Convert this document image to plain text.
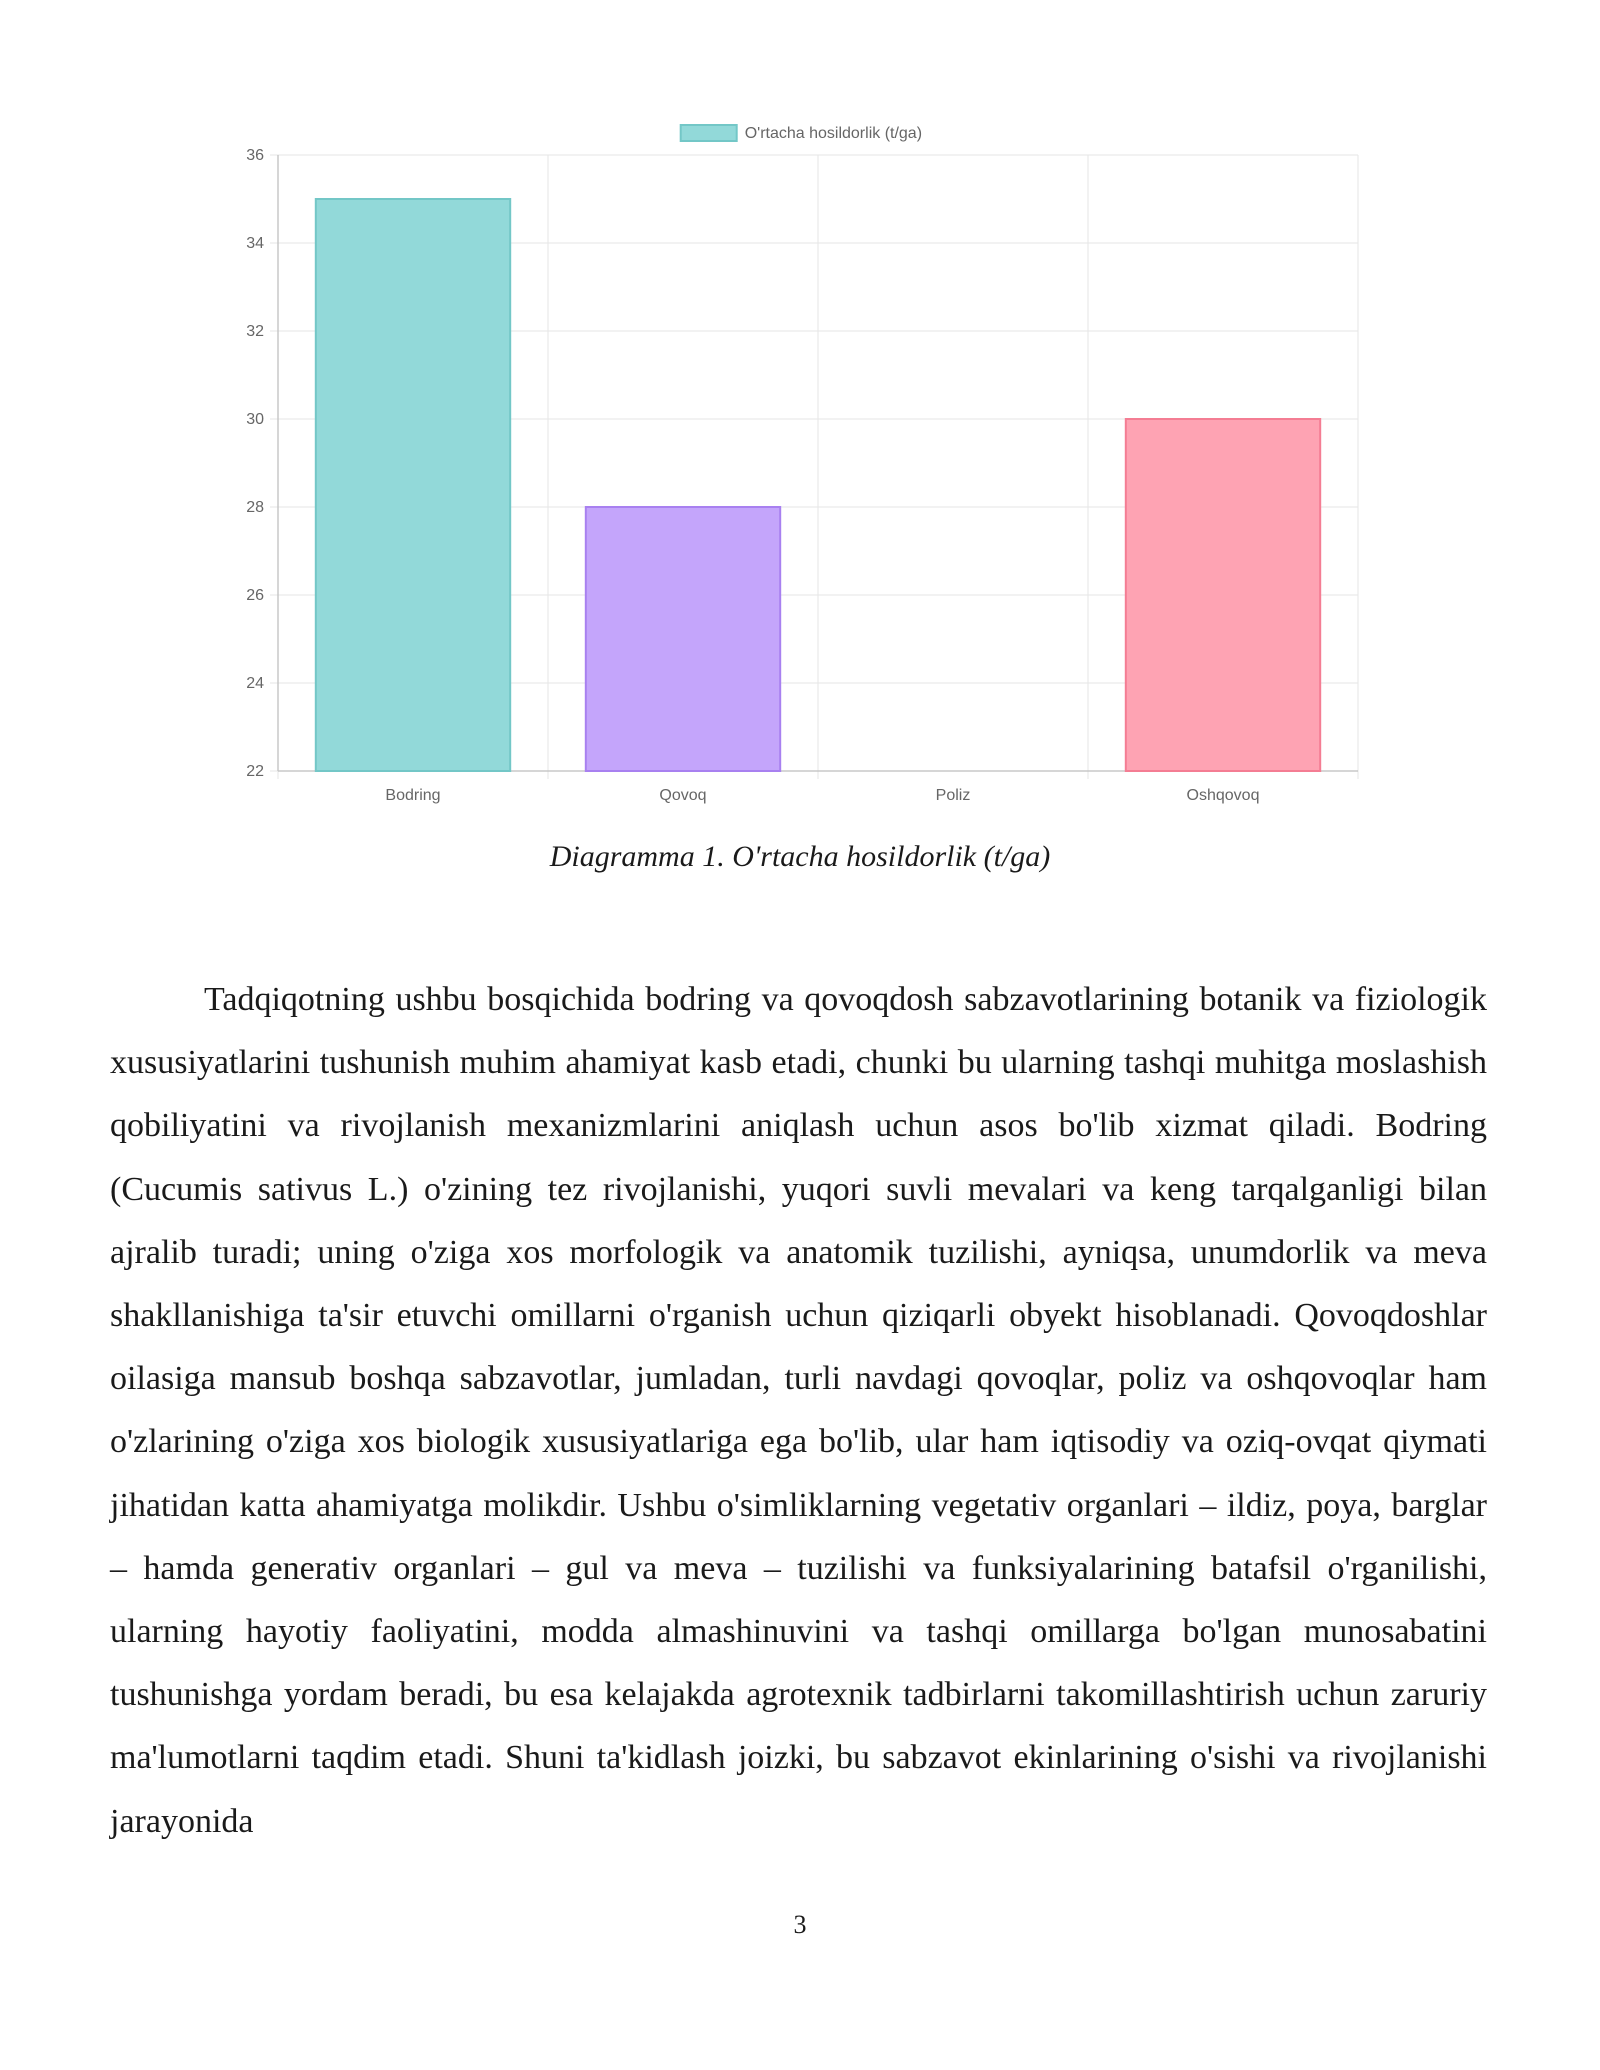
22
24
26
28
30
32
34
36
Bodring	Qovoq	Poliz	Oshqovoq
O'rtacha hosildorlik (t/ga)
Diagramma 1. O'rtacha hosildorlik (t/ga)

Tadqiqotning ushbu bosqichida bodring va qovoqdosh sabzavotlarining botanik va fiziologik xususiyatlarini tushunish muhim ahamiyat kasb etadi, chunki bu ularning tashqi muhitga moslashish qobiliyatini va rivojlanish mexanizmlarini aniqlash uchun asos bo'lib xizmat qiladi. Bodring (Cucumis sativus L.) o'zining tez rivojlanishi, yuqori suvli mevalari va keng tarqalganligi bilan ajralib turadi; uning o'ziga xos morfologik va anatomik tuzilishi, ayniqsa, unumdorlik va meva shakllanishiga ta'sir etuvchi omillarni o'rganish uchun qiziqarli obyekt hisoblanadi. Qovoqdoshlar oilasiga mansub boshqa sabzavotlar, jumladan, turli navdagi qovoqlar, poliz va oshqovoqlar ham o'zlarining o'ziga xos biologik xususiyatlariga ega bo'lib, ular ham iqtisodiy va oziq-ovqat qiymati jihatidan katta ahamiyatga molikdir. Ushbu o'simliklarning vegetativ organlari – ildiz, poya, barglar – hamda generativ organlari – gul va meva – tuzilishi va funksiyalarining batafsil o'rganilishi, ularning hayotiy faoliyatini, modda almashinuvini va tashqi omillarga bo'lgan munosabatini tushunishga yordam beradi, bu esa kelajakda agrotexnik tadbirlarni takomillashtirish uchun zaruriy ma'lumotlarni taqdim etadi. Shuni ta'kidlash joizki, bu sabzavot ekinlarining o'sishi va rivojlanishi jarayonida

3
